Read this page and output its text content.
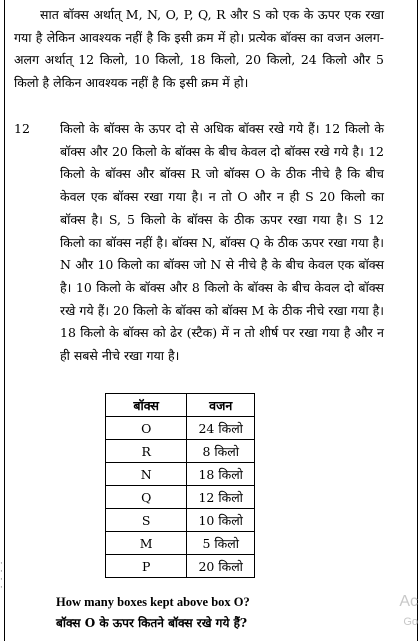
·
·
·
·
सात बॉक्स अर्थात् M, N, O, P, Q, R और S को एक के ऊपर एक रखा गया है लेकिन आवश्यक नहीं है कि इसी क्रम में हो। प्रत्येक बॉक्स का वजन अलग-अलग अर्थात् 12 किलो, 10 किलो, 18 किलो, 20 किलो, 24 किलो और 5 किलो है लेकिन आवश्यक नहीं है कि इसी क्रम में हो।
12 किलो के बॉक्स के ऊपर दो से अधिक बॉक्स रखे गये हैं। 12 किलो के बॉक्स और 20 किलो के बॉक्स के बीच केवल दो बॉक्स रखे गये है। 12 किलो के बॉक्स और बॉक्स R जो बॉक्स O के ठीक नीचे है कि बीच केवल एक बॉक्स रखा गया है। न तो O और न ही S 20 किलो का बॉक्स है। S, 5 किलो के बॉक्स के ठीक ऊपर रखा गया है। S 12 किलो का बॉक्स नहीं है। बॉक्स N, बॉक्स Q के ठीक ऊपर रखा गया है। N और 10 किलो का बॉक्स जो N से नीचे है के बीच केवल एक बॉक्स है। 10 किलो के बॉक्स और 8 किलो के बॉक्स के बीच केवल दो बॉक्स रखे गये हैं। 20 किलो के बॉक्स को बॉक्स M के ठीक नीचे रखा गया है। 18 किलो के बॉक्स को ढेर (स्टैक) में न तो शीर्ष पर रखा गया है और न ही सबसे नीचे रखा गया है।
बॉक्स	वजन
O	24 किलो
R	8 किलो
N	18 किलो
Q	12 किलो
S	10 किलो
M	5 किलो
P	20 किलो
How many boxes kept above box O?
बॉक्स O के ऊपर कितने बॉक्स रखे गये हैं?
Ac
Go
